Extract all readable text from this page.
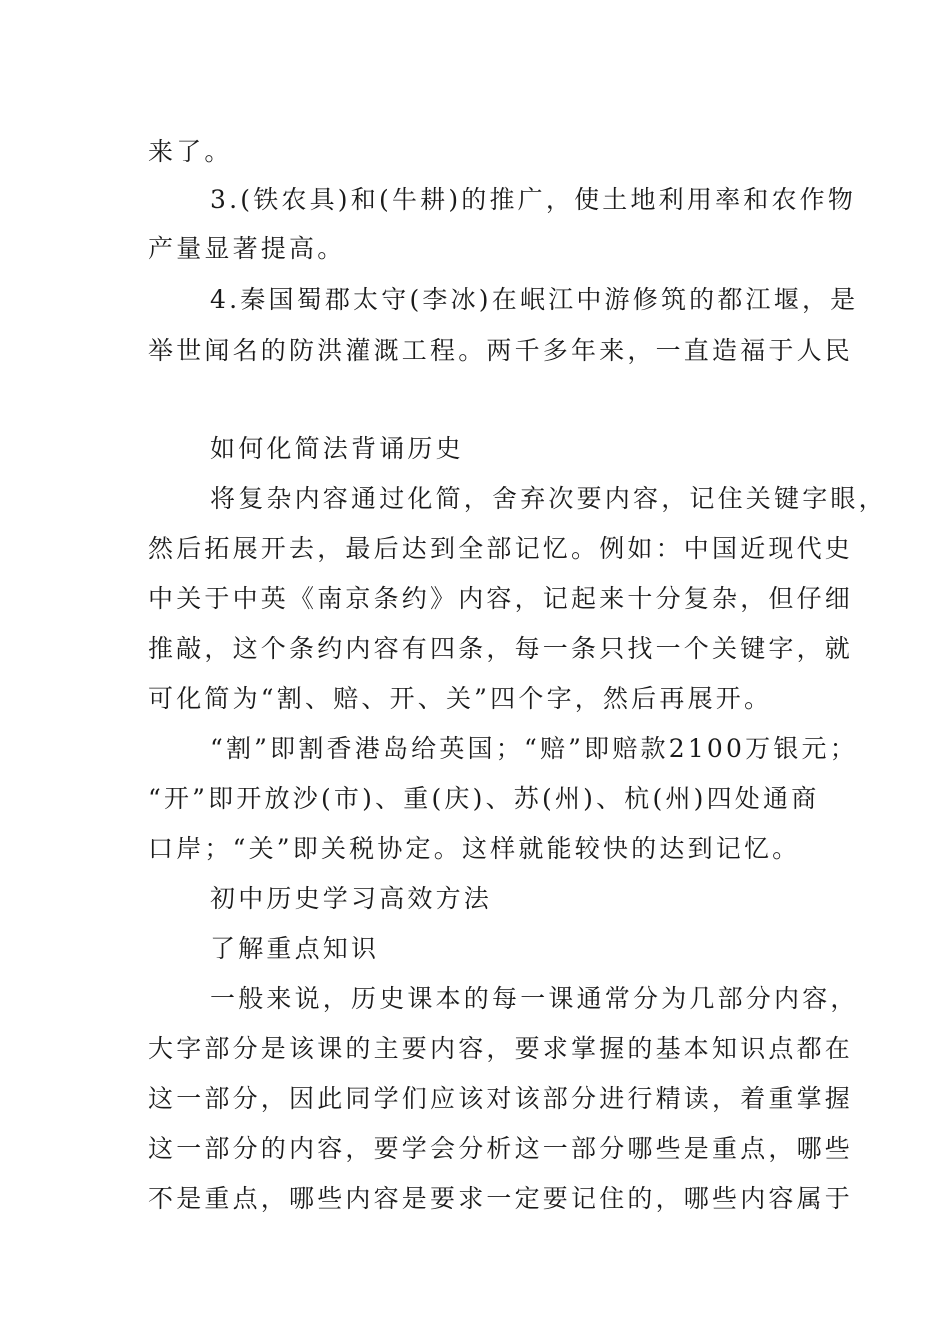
来了。
3.(铁农具)和(牛耕)的推广，使土地利用率和农作物
产量显著提高。
4.秦国蜀郡太守(李冰)在岷江中游修筑的都江堰，是
举世闻名的防洪灌溉工程。两千多年来，一直造福于人民
如何化简法背诵历史
将复杂内容通过化简，舍弃次要内容，记住关键字眼，
然后拓展开去，最后达到全部记忆。例如：中国近现代史
中关于中英《南京条约》内容，记起来十分复杂，但仔细
推敲，这个条约内容有四条，每一条只找一个关键字，就
可化简为“割、赔、开、关”四个字，然后再展开。
“割”即割香港岛给英国；“赔”即赔款2100万银元；
“开”即开放沙(市)、重(庆)、苏(州)、杭(州)四处通商
口岸；“关”即关税协定。这样就能较快的达到记忆。
初中历史学习高效方法
了解重点知识
一般来说，历史课本的每一课通常分为几部分内容，
大字部分是该课的主要内容，要求掌握的基本知识点都在
这一部分，因此同学们应该对该部分进行精读，着重掌握
这一部分的内容，要学会分析这一部分哪些是重点，哪些
不是重点，哪些内容是要求一定要记住的，哪些内容属于
